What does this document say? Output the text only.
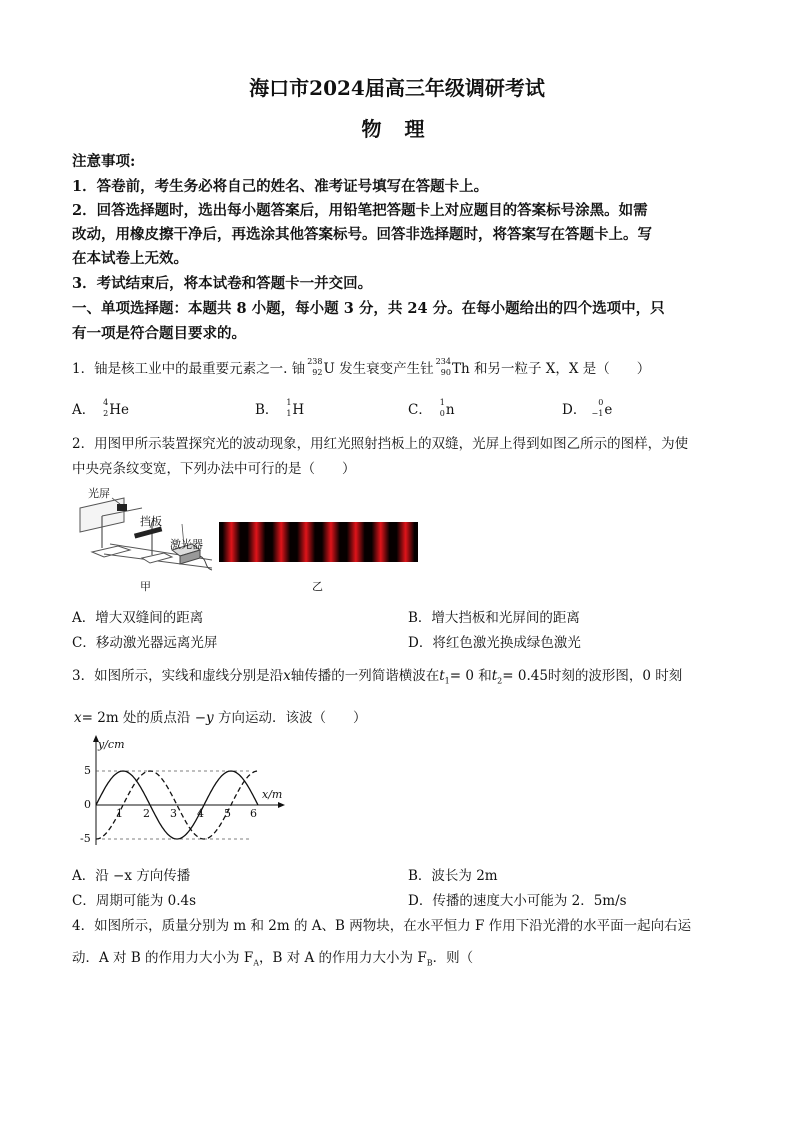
海口市2024届高三年级调研考试
物 理
注意事项:
1．答卷前，考生务必将自己的姓名、准考证号填写在答题卡上。
2．回答选择题时，选出每小题答案后，用铅笔把答题卡上对应题目的答案标号涂黑。如需
改动，用橡皮擦干净后，再选涂其他答案标号。回答非选择题时，将答案写在答题卡上。写
在本试卷上无效。
3．考试结束后，将本试卷和答题卡一并交回。
一、单项选择题：本题共 8 小题，每小题 3 分，共 24 分。在每小题给出的四个选项中，只
有一项是符合题目要求的。
1．铀是核工业中的最重要元素之一. 铀 238
92 U 发生衰变产生钍 234
90 Th 和另一粒子 X，X 是（　　）
A． 4
2 He	B． 1
1 H	C． 1
0 n	D． 0
−1 e
2．用图甲所示装置探究光的波动现象，用红光照射挡板上的双缝，光屏上得到如图乙所示的图样，为使
中央亮条纹变宽，下列办法中可行的是（　　）
光屏
挡板
激光器
甲	乙
A．增大双缝间的距离	B．增大挡板和光屏间的距离
C．移动激光器远离光屏	D．将红色激光换成绿色激光
3．如图所示，实线和虚线分别是沿x轴传播的一列简谐横波在$t_1= 0$ 和$t_2= 0.45$时刻的波形图，0 时刻
x= 2m 处的质点沿 −y 方向运动．该波（　　）
y/cm
x/m
5
0
-5
1 2 3 4 5 6
A．沿 −x 方向传播	B．波长为 2m
C．周期可能为 0.4s	D．传播的速度大小可能为 2．5m/s
4．如图所示，质量分别为 m 和 2m 的 A、B 两物块，在水平恒力 F 作用下沿光滑的水平面一起向右运
动．A 对 B 的作用力大小为 $F_A$，B 对 A 的作用力大小为 $F_B$．则（
